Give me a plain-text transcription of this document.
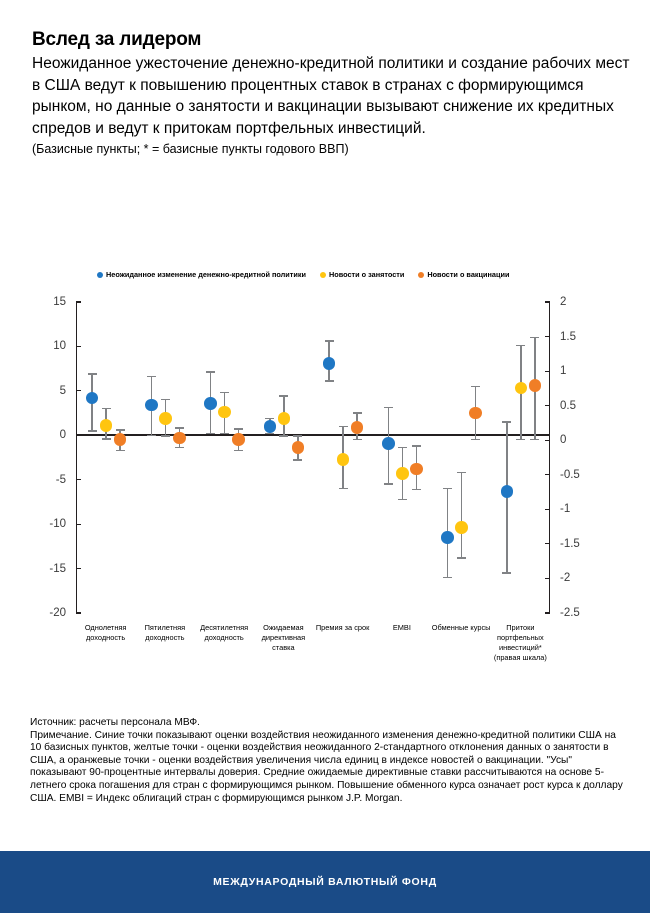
Вслед за лидером
Неожиданное ужесточение денежно-кредитной политики и создание рабочих мест в США ведут к повышению процентных ставок в странах с формирующимся рынком, но данные о занятости и вакцинации вызывают снижение их кредитных спредов и ведут к притокам портфельных инвестиций.
(Базисные пункты; * = базисные пункты годового ВВП)
Неожиданное изменение денежно-кредитной политики	Новости о занятости	Новости о вакцинации
15
10
5
0
-5
-10
-15
-20
2
1.5
1
0.5
0
-0.5
-1
-1.5
-2
-2.5
Однолетняя
доходность
Пятилетняя
доходность
Десятилетняя
доходность
Ожидаемая
директивная
ставка
Премия за срок	EMBI	Обменные курсы	Притоки
портфельных
инвестиций*
(правая шкала)

Источник: расчеты персонала МВФ.

Примечание. Синие точки показывают оценки воздействия неожиданного изменения денежно-кредитной политики США на 10 базисных пунктов, желтые точки - оценки воздействия неожиданного 2-стандартного отклонения данных о занятости в США, а оранжевые точки - оценки воздействия увеличения числа единиц в индексе новостей о вакцинации. "Усы" показывают 90-процентные интервалы доверия. Средние ожидаемые директивные ставки рассчитываются на основе 5-летнего срока погашения для стран с формирующимся рынком. Повышение обменного курса означает рост курса к доллару США. EMBI = Индекс облигаций стран с формирующимся рынком J.P. Morgan.

МЕЖДУНАРОДНЫЙ ВАЛЮТНЫЙ ФОНД
